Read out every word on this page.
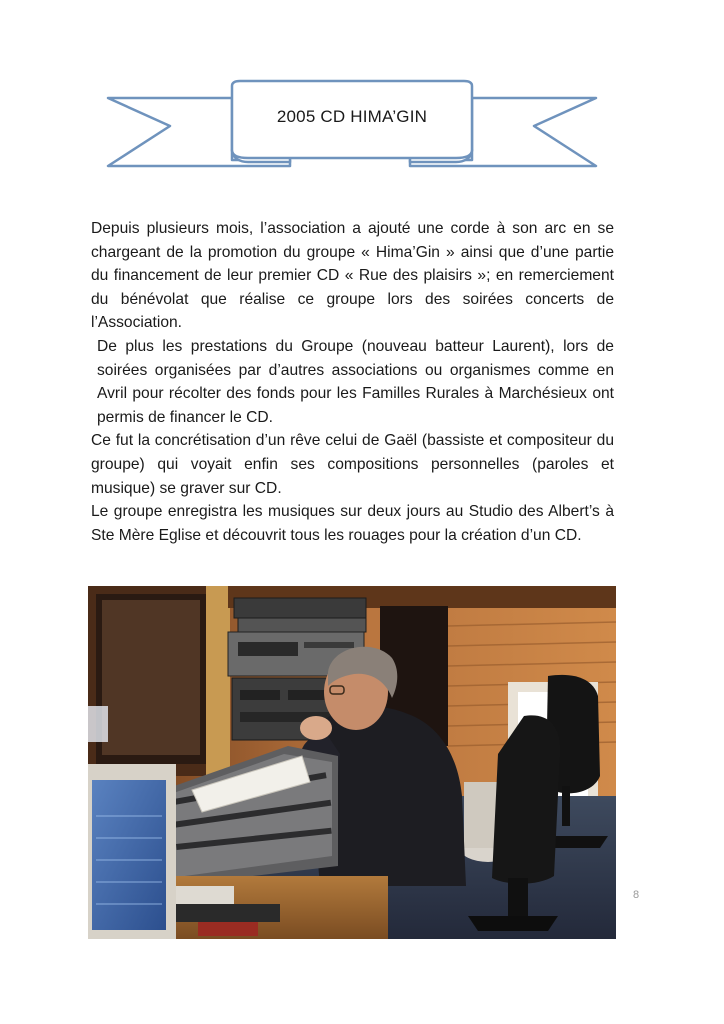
2005 CD HIMA’GIN

Depuis plusieurs mois, l’association a ajouté une corde à son arc en se chargeant de la promotion du groupe « Hima’Gin » ainsi que d’une partie du financement de leur premier CD « Rue des plaisirs »; en remerciement du bénévolat que réalise ce groupe lors des soirées concerts de l’Association.

De plus les prestations du Groupe (nouveau batteur Laurent), lors de soirées organisées par d’autres associations ou organismes comme en Avril pour récolter des fonds pour les Familles Rurales à Marchésieux ont permis de financer le CD.

Ce fut la concrétisation d’un rêve celui de Gaël (bassiste et compositeur du groupe) qui voyait enfin ses compositions personnelles (paroles et musique) se graver sur CD.

Le groupe enregistra les musiques sur deux jours au Studio des Albert’s à Ste Mère Eglise et découvrit tous les rouages pour la création d’un CD.

8
